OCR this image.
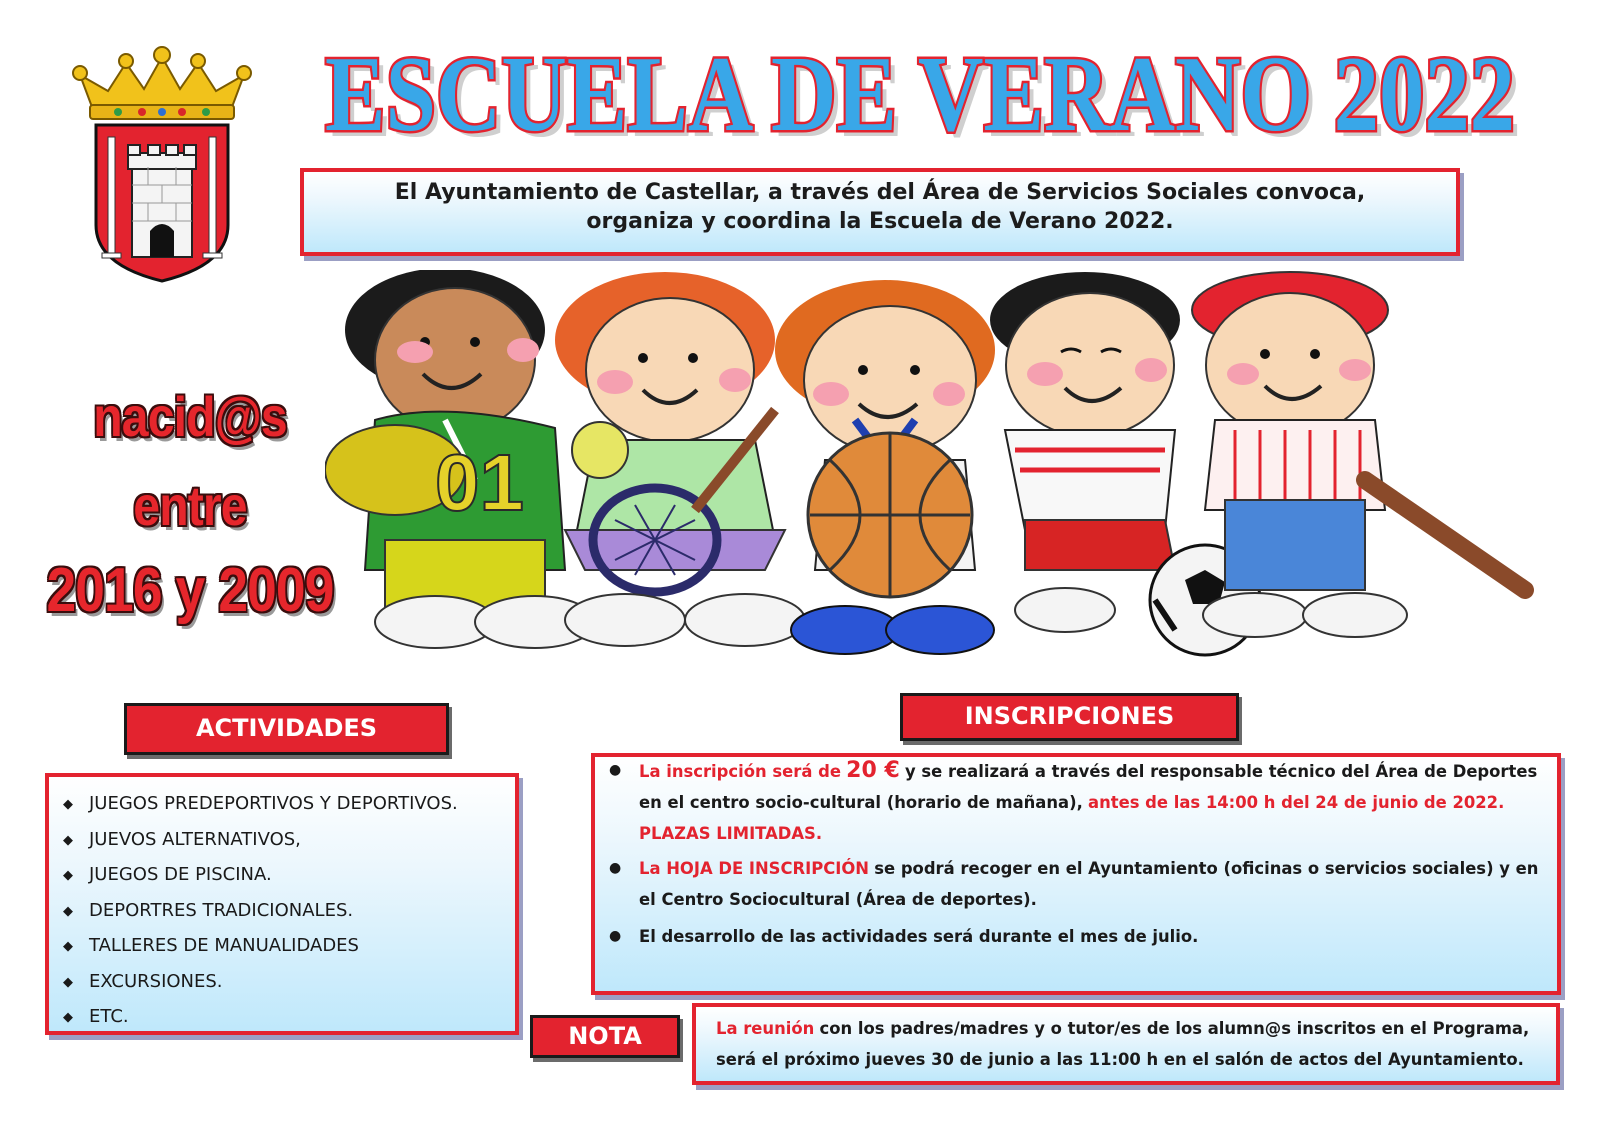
ESCUELA DE VERANO 2022
ESCUELA DE VERANO 2022
El Ayuntamiento de Castellar, a través del Área de Servicios Sociales convoca,
organiza y coordina la Escuela de Verano 2022.
01
nacid@s
entre
2016 y 2009
ACTIVIDADES
◆ JUEGOS PREDEPORTIVOS Y DEPORTIVOS.
◆ JUEVOS ALTERNATIVOS,
◆ JUEGOS DE PISCINA.
◆ DEPORTRES TRADICIONALES.
◆ TALLERES DE MANUALIDADES
◆ EXCURSIONES.
◆ ETC.
INSCRIPCIONES
● La inscripción será de 20 € y se realizará a través del responsable técnico del Área de Deportes en el centro socio-cultural (horario de mañana), antes de las 14:00 h del 24 de junio de 2022. PLAZAS LIMITADAS.
● La HOJA DE INSCRIPCIÓN se podrá recoger en el Ayuntamiento (oficinas o servicios sociales) y en el Centro Sociocultural (Área de deportes).
● El desarrollo de las actividades será durante el mes de julio.
NOTA	La reunión con los padres/madres y o tutor/es de los alumn@s inscritos en el Programa, será el próximo jueves 30 de junio a las 11:00 h en el salón de actos del Ayuntamiento.
